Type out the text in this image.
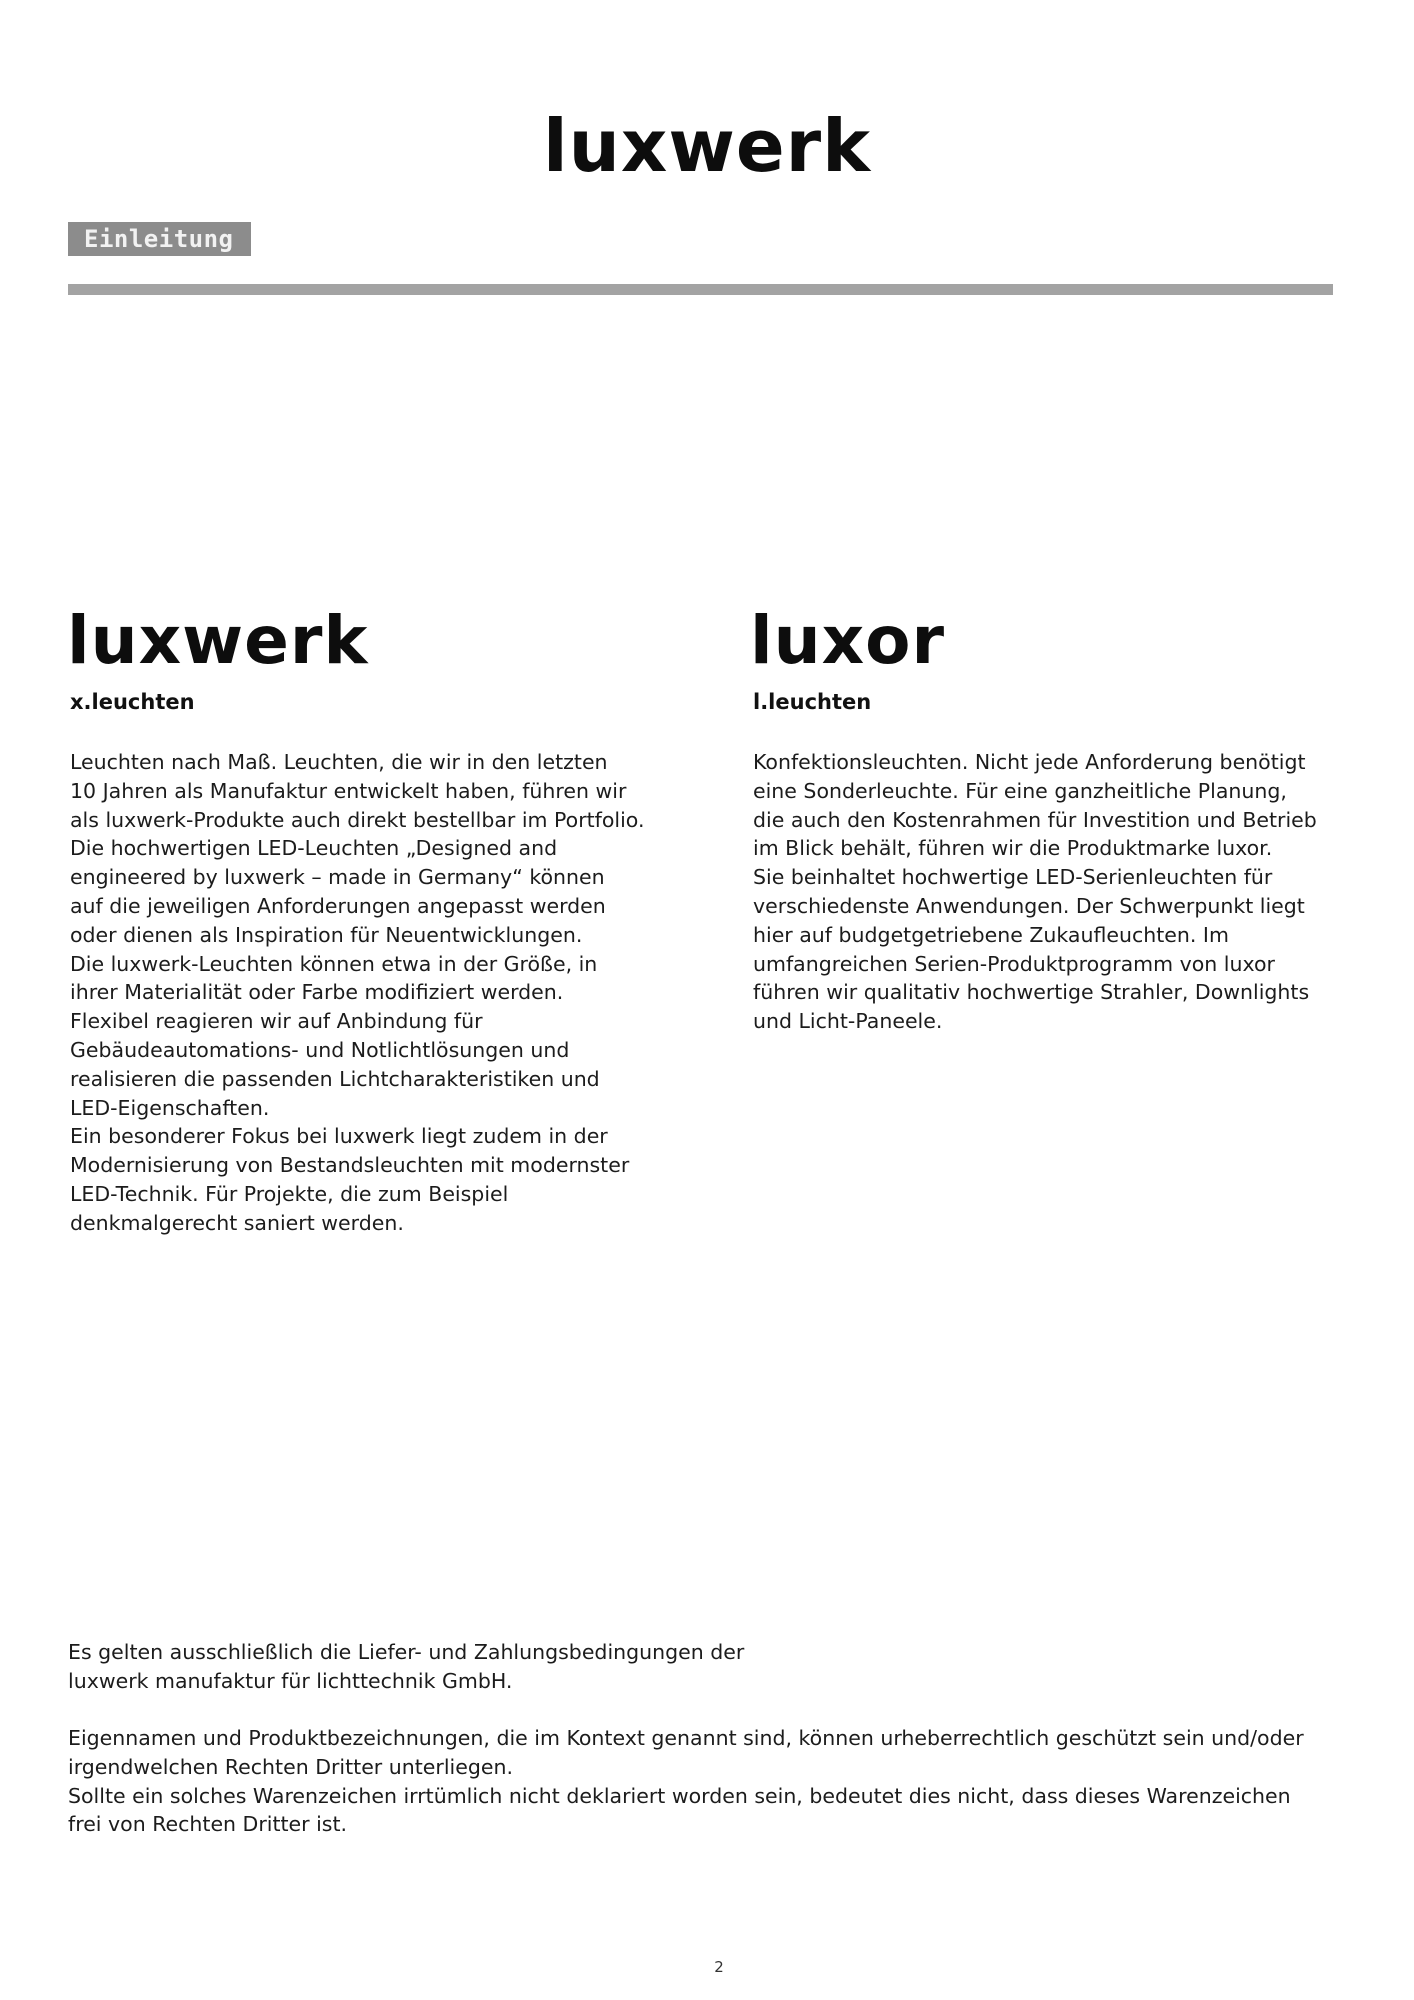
luxwerk
Einleitung
luxwerk	luxor
x.leuchten	l.leuchten
Leuchten nach Maß. Leuchten, die wir in den letzten
10 Jahren als Manufaktur entwickelt haben, führen wir
als luxwerk-Produkte auch direkt bestellbar im Portfolio.
Die hochwertigen LED-Leuchten „Designed and
engineered by luxwerk – made in Germany“ können
auf die jeweiligen Anforderungen angepasst werden
oder dienen als Inspiration für Neuentwicklungen.
Die luxwerk-Leuchten können etwa in der Größe, in
ihrer Materialität oder Farbe modifiziert werden.
Flexibel reagieren wir auf Anbindung für
Gebäudeautomations- und Notlichtlösungen und
realisieren die passenden Lichtcharakteristiken und
LED-Eigenschaften.
Ein besonderer Fokus bei luxwerk liegt zudem in der
Modernisierung von Bestandsleuchten mit modernster
LED-Technik. Für Projekte, die zum Beispiel
denkmalgerecht saniert werden.
Konfektionsleuchten. Nicht jede Anforderung benötigt
eine Sonderleuchte. Für eine ganzheitliche Planung,
die auch den Kostenrahmen für Investition und Betrieb
im Blick behält, führen wir die Produktmarke luxor.
Sie beinhaltet hochwertige LED-Serienleuchten für
verschiedenste Anwendungen. Der Schwerpunkt liegt
hier auf budgetgetriebene Zukaufleuchten. Im
umfangreichen Serien-Produktprogramm von luxor
führen wir qualitativ hochwertige Strahler, Downlights
und Licht-Paneele.
Es gelten ausschließlich die Liefer- und Zahlungsbedingungen der
luxwerk manufaktur für lichttechnik GmbH.
Eigennamen und Produktbezeichnungen, die im Kontext genannt sind, können urheberrechtlich geschützt sein und/oder
irgendwelchen Rechten Dritter unterliegen.
Sollte ein solches Warenzeichen irrtümlich nicht deklariert worden sein, bedeutet dies nicht, dass dieses Warenzeichen
frei von Rechten Dritter ist.
2
